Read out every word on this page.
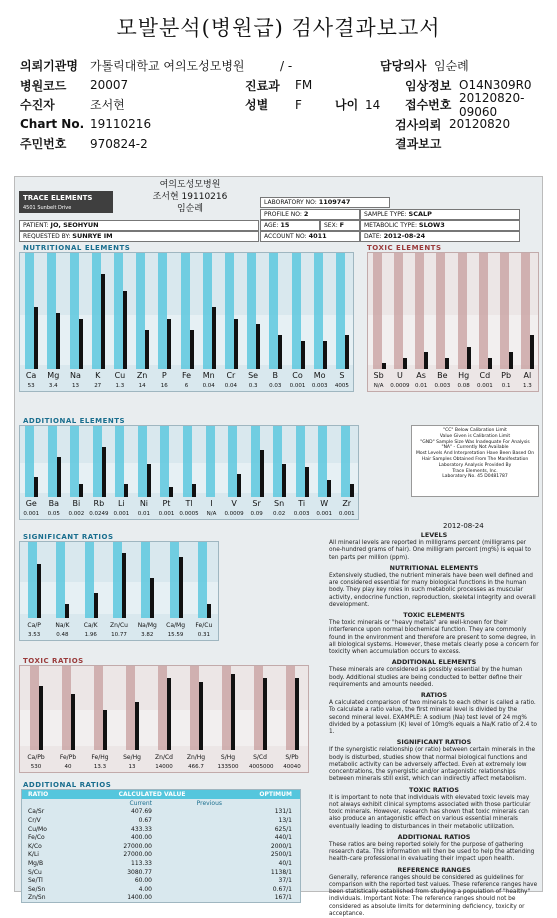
모발분석(병원급) 검사결과보고서
의뢰기관명	가톨릭대학교 여의도성모병원	/ -	담당의사 임순례
병원코드	20007	진료과	FM	임상정보 O14N309R0
수진자	조서현	성별	F	나이 14	접수번호
20120820-09060
Chart No. 19110216	검사의뢰 20120820
주민번호	970824-2	결과보고
TRACE ELEMENTS
4501 Sunbelt Drive
여의도성모병원
조서현 19110216
임순례
LABORATORY NO: 1109747
PROFILE NO: 2	SAMPLE TYPE: SCALP
PATIENT: JO, SEOHYUN	AGE: 15	SEX: F	METABOLIC TYPE: SLOW3
REQUESTED BY: SUNRYE IM	ACCOUNT NO: 4011	DATE: 2012-08-24
NUTRITIONAL ELEMENTS	TOXIC ELEMENTS
ADDITIONAL ELEMENTS
SIGNIFICANT RATIOS
TOXIC RATIOS
ADDITIONAL RATIOS
Ca
53
Mg
3.4
Na
13
K
27
Cu
1.3
Zn
14
P
16
Fe
6
Mn
0.04
Cr
0.04
Se
0.3
B
0.03
Co
0.001
Mo
0.003
S
4005
Sb
N/A
U
0.0009
As
0.01
Be
0.003
Hg
0.08
Cd
0.001
Pb
0.1
Al
1.3
Ge
0.001
Ba
0.05
Bi
0.002
Rb
0.0249
Li
0.001
Ni
0.01
Pt
0.001
Tl
0.0005
I
N/A
V
0.0009
Sr
0.09
Sn
0.02
Ti
0.003
W
0.001
Zr
0.001
Ca/P
3.53
Na/K
0.48
Ca/K
1.96
Zn/Cu
10.77
Na/Mg
3.82
Ca/Mg
15.59
Fe/Cu
0.31
Ca/Pb
530
Fe/Pb
40
Fe/Hg
13.3
Se/Hg
13
Zn/Cd
14000
Zn/Hg
466.7
S/Hg
133500
S/Cd
4005000
S/Pb
40040
"CC" Below Calibration Limit
Value Given is Calibration Limit
"GND" Sample Size Was Inadequate For Analysis
"NA" - Currently Not Available
Most Levels And Interpretation Have Been Based On Hair Samples Obtained From The Manifestation
Laboratory Analysis Provided By
Trace Elements, Inc.
Laboratory No. 45 D0481787
2012-08-24
LEVELS
All mineral levels are reported in milligrams percent (milligrams per one-hundred grams of hair). One milligram percent (mg%) is equal to ten parts per million (ppm).
NUTRITIONAL ELEMENTS
Extensively studied, the nutrient minerals have been well defined and are considered essential for many biological functions in the human body. They play key roles in such metabolic processes as muscular activity, endocrine function, reproduction, skeletal integrity and overall development.
TOXIC ELEMENTS
The toxic minerals or "heavy metals" are well-known for their interference upon normal biochemical function. They are commonly found in the environment and therefore are present to some degree, in all biological systems. However, these metals clearly pose a concern for toxicity when accumulation occurs to excess.
ADDITIONAL ELEMENTS
These minerals are considered as possibly essential by the human body. Additional studies are being conducted to better define their requirements and amounts needed.
RATIOS
A calculated comparison of two minerals to each other is called a ratio. To calculate a ratio value, the first mineral level is divided by the second mineral level. EXAMPLE: A sodium (Na) test level of 24 mg% divided by a potassium (K) level of 10mg% equals a Na/K ratio of 2.4 to 1.
SIGNIFICANT RATIOS
If the synergistic relationship (or ratio) between certain minerals in the body is disturbed, studies show that normal biological functions and metabolic activity can be adversely affected. Even at extremely low concentrations, the synergistic and/or antagonistic relationships between minerals still exist, which can indirectly affect metabolism.
TOXIC RATIOS
It is important to note that individuals with elevated toxic levels may not always exhibit clinical symptoms associated with those particular toxic minerals. However, research has shown that toxic minerals can also produce an antagonistic effect on various essential minerals eventually leading to disturbances in their metabolic utilization.
ADDITIONAL RATIOS
These ratios are being reported solely for the purpose of gathering research data. This information will then be used to help the attending health-care professional in evaluating their impact upon health.
REFERENCE RANGES
Generally, reference ranges should be considered as guidelines for comparison with the reported test values. These reference ranges have been statistically established from studying a population of "healthy" individuals. Important Note: The reference ranges should not be considered as absolute limits for determining deficiency, toxicity or acceptance.
RATIO	CALCULATED VALUE	OPTIMUM
Current	Previous
Ca/Sr	407.69	131/1
Cr/V	0.67	13/1
Cu/Mo	433.33	625/1
Fe/Co	400.00	440/1
K/Co	27000.00	2000/1
K/Li	27000.00	2500/1
Mg/B	113.33	40/1
S/Cu	3080.77	1138/1
Se/Tl	60.00	37/1
Se/Sn	4.00	0.67/1
Zn/Sn	1400.00	167/1
